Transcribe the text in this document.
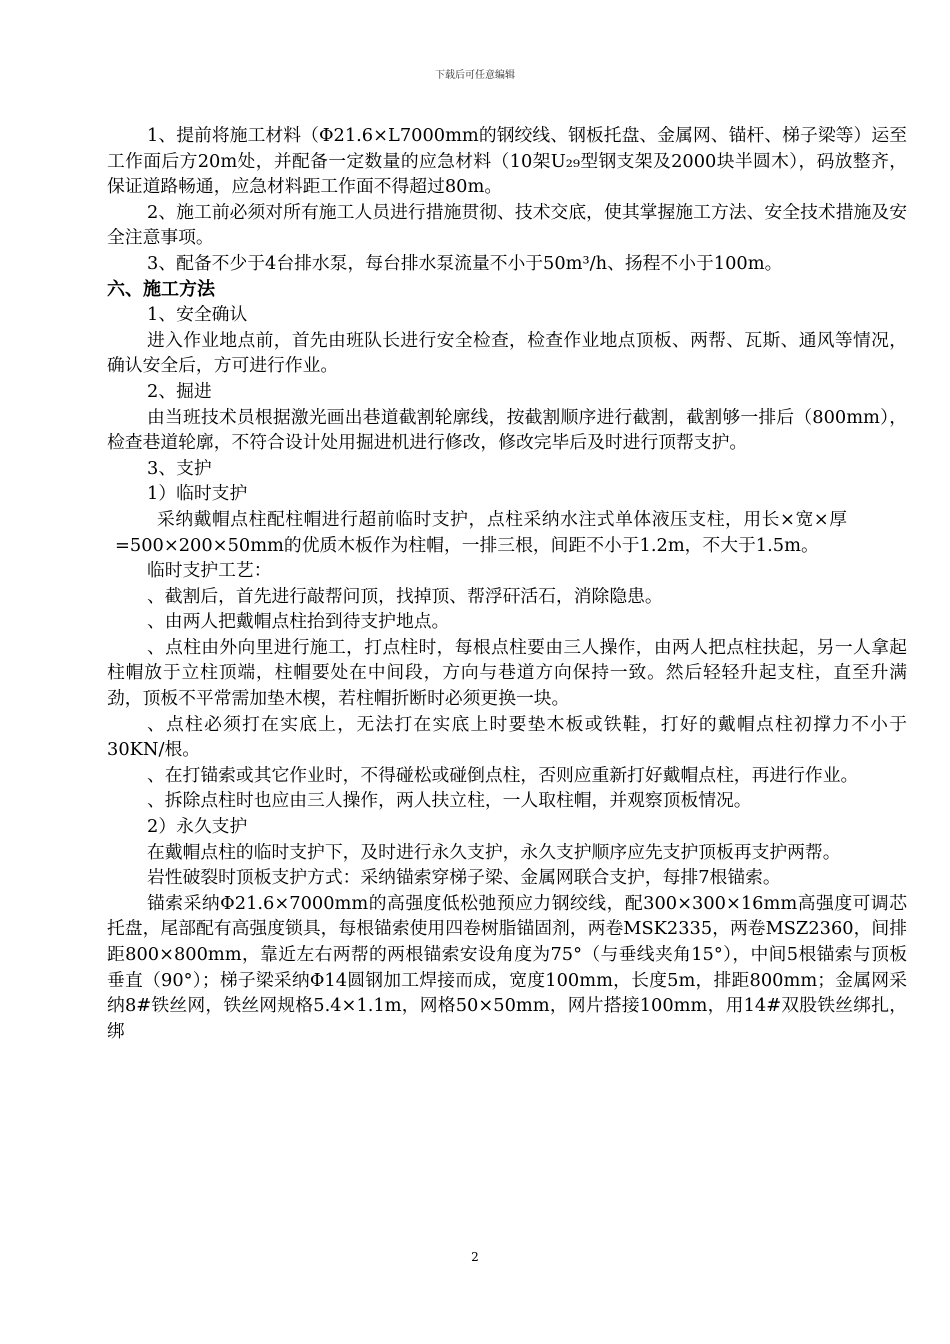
下载后可任意编辑

1、提前将施工材料（Φ21.6×L7000mm的钢绞线、钢板托盘、金属网、锚杆、梯子梁等）运至工作面后方20m处，并配备一定数量的应急材料（10架U₂₉型钢支架及2000块半圆木），码放整齐，保证道路畅通，应急材料距工作面不得超过80m。

2、施工前必须对所有施工人员进行措施贯彻、技术交底，使其掌握施工方法、安全技术措施及安全注意事项。

3、配备不少于4台排水泵，每台排水泵流量不小于50m³/h、扬程不小于100m。

六、施工方法

1、安全确认

进入作业地点前，首先由班队长进行安全检查，检查作业地点顶板、两帮、瓦斯、通风等情况，确认安全后，方可进行作业。

2、掘进

由当班技术员根据激光画出巷道截割轮廓线，按截割顺序进行截割，截割够一排后（800mm），检查巷道轮廓，不符合设计处用掘进机进行修改，修改完毕后及时进行顶帮支护。

3、支护

1）临时支护

采纳戴帽点柱配柱帽进行超前临时支护，点柱采纳水注式单体液压支柱，用长×宽×厚=500×200×50mm的优质木板作为柱帽，一排三根，间距不小于1.2m，不大于1.5m。

临时支护工艺：

、截割后，首先进行敲帮问顶，找掉顶、帮浮矸活石，消除隐患。

、由两人把戴帽点柱抬到待支护地点。

、点柱由外向里进行施工，打点柱时，每根点柱要由三人操作，由两人把点柱扶起，另一人拿起柱帽放于立柱顶端，柱帽要处在中间段，方向与巷道方向保持一致。然后轻轻升起支柱，直至升满劲，顶板不平常需加垫木楔，若柱帽折断时必须更换一块。

、点柱必须打在实底上，无法打在实底上时要垫木板或铁鞋，打好的戴帽点柱初撑力不小于30KN/根。

、在打锚索或其它作业时，不得碰松或碰倒点柱，否则应重新打好戴帽点柱，再进行作业。

、拆除点柱时也应由三人操作，两人扶立柱，一人取柱帽，并观察顶板情况。

2）永久支护

在戴帽点柱的临时支护下，及时进行永久支护，永久支护顺序应先支护顶板再支护两帮。

岩性破裂时顶板支护方式：采纳锚索穿梯子梁、金属网联合支护，每排7根锚索。

锚索采纳Φ21.6×7000mm的高强度低松弛预应力钢绞线，配300×300×16mm高强度可调芯托盘，尾部配有高强度锁具，每根锚索使用四卷树脂锚固剂，两卷MSK2335，两卷MSZ2360，间排距800×800mm，靠近左右两帮的两根锚索安设角度为75°（与垂线夹角15°），中间5根锚索与顶板垂直（90°）；梯子梁采纳Φ14圆钢加工焊接而成，宽度100mm，长度5m，排距800mm；金属网采纳8#铁丝网，铁丝网规格5.4×1.1m，网格50×50mm，网片搭接100mm，用14#双股铁丝绑扎，绑

2
